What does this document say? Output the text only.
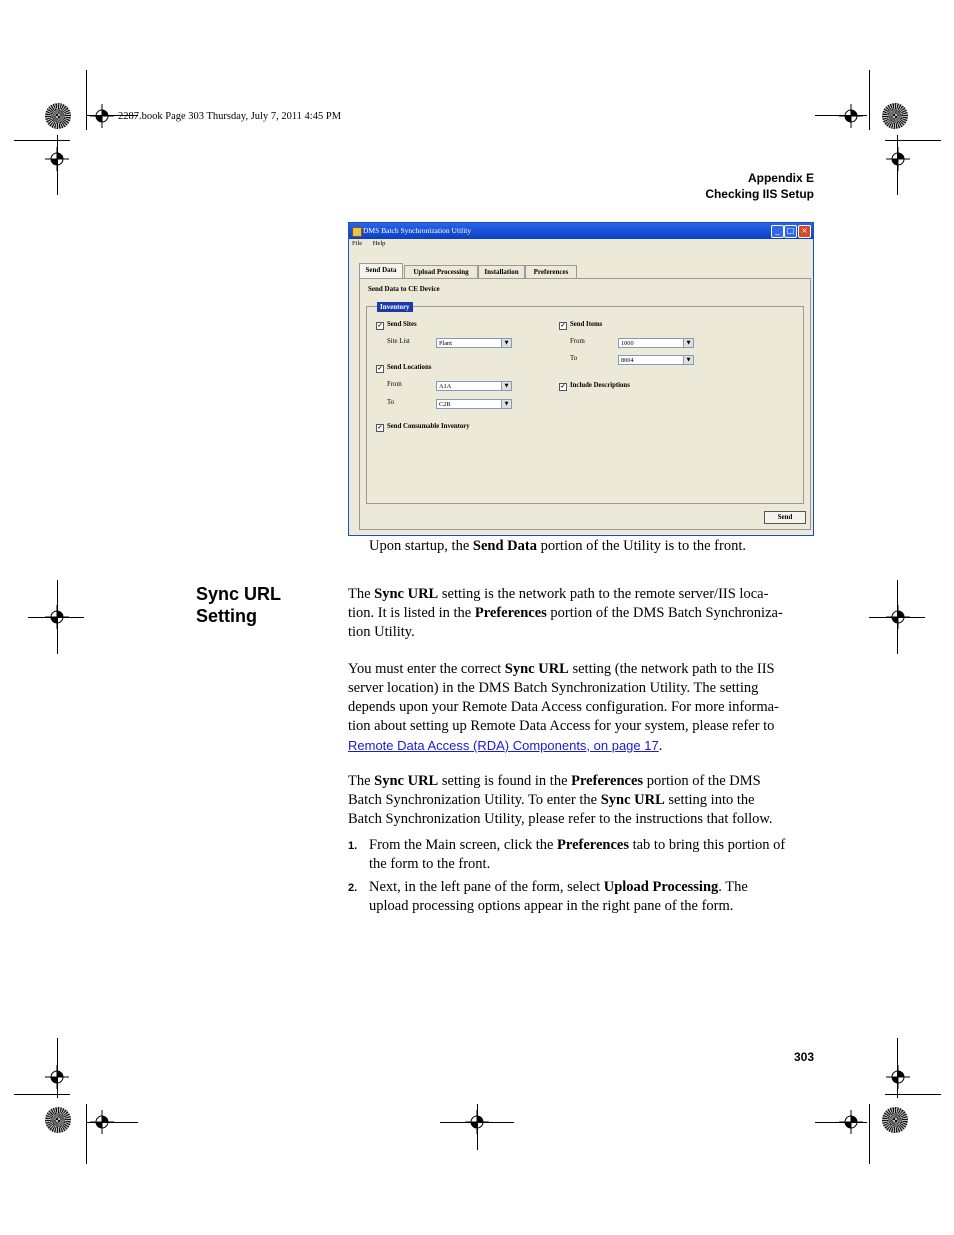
2287.book Page 303 Thursday, July 7, 2011 4:45 PM
Appendix E
Checking IIS Setup
DMS Batch Synchronization Utility	_ □ ×
File Help
Send Data	Upload Processing	Installation	Preferences
Send Data to CE Device
Inventory
✓ Send Sites
Site List	Plant	▼
✓ Send Locations
From	A1A	▼
To	C2B	▼
✓ Send Consumable Inventory
✓ Send Items
From	1000	▼
To	8004	▼
✓ Include Descriptions
Send
Upon startup, the Send Data portion of the Utility is to the front.
Sync URL
Setting

The Sync URL setting is the network path to the remote server/IIS loca-

tion. It is listed in the Preferences portion of the DMS Batch Synchroniza-

tion Utility.

You must enter the correct Sync URL setting (the network path to the IIS

server location) in the DMS Batch Synchronization Utility. The setting

depends upon your Remote Data Access configuration. For more informa-

tion about setting up Remote Data Access for your system, please refer to

Remote Data Access (RDA) Components, on page 17.

The Sync URL setting is found in the Preferences portion of the DMS

Batch Synchronization Utility. To enter the Sync URL setting into the

Batch Synchronization Utility, please refer to the instructions that follow.

1. From the Main screen, click the Preferences tab to bring this portion of

the form to the front.

2. Next, in the left pane of the form, select Upload Processing. The

upload processing options appear in the right pane of the form.

303
